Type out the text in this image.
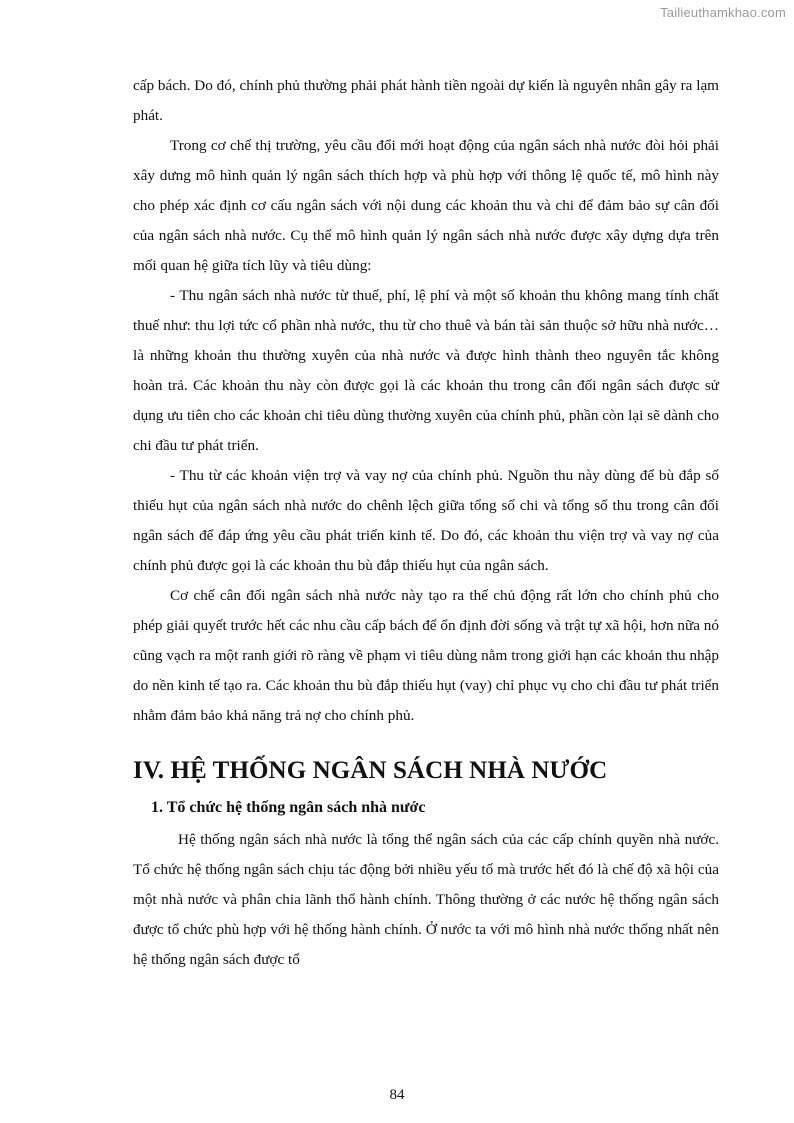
Tailieuthamkhao.com

cấp bách. Do đó, chính phủ thường phải phát hành tiền ngoài dự kiến là nguyên nhân gây ra lạm phát.

Trong cơ chế thị trường, yêu cầu đổi mới hoạt động của ngân sách nhà nước đòi hỏi phải xây dưng mô hình quản lý ngân sách thích hợp và phù hợp với thông lệ quốc tế, mô hình này cho phép xác định cơ cấu ngân sách với nội dung các khoản thu và chi để đảm bảo sự cân đối của ngân sách nhà nước. Cụ thể mô hình quản lý ngân sách nhà nước được xây dựng dựa trên mối quan hệ giữa tích lũy và tiêu dùng:

- Thu ngân sách nhà nước từ thuế, phí, lệ phí và một số khoản thu không mang tính chất thuế như: thu lợi tức cổ phần nhà nước, thu từ cho thuê và bán tài sản thuộc sở hữu nhà nước…là những khoản thu thường xuyên của nhà nước và được hình thành theo nguyên tắc không hoàn trả. Các khoản thu này còn được gọi là các khoản thu trong cân đối ngân sách được sử dụng ưu tiên cho các khoản chi tiêu dùng thường xuyên của chính phủ, phần còn lại sẽ dành cho chi đầu tư phát triển.

- Thu từ các khoản viện trợ và vay nợ của chính phủ. Nguồn thu này dùng để bù đắp số thiếu hụt của ngân sách nhà nước do chênh lệch giữa tổng số chi và tổng số thu trong cân đối ngân sách để đáp ứng yêu cầu phát triển kinh tế. Do đó, các khoản thu viện trợ và vay nợ của chính phủ được gọi là các khoản thu bù đắp thiếu hụt của ngân sách.

Cơ chế cân đối ngân sách nhà nước này tạo ra thế chủ động rất lớn cho chính phủ cho phép giải quyết trước hết các nhu cầu cấp bách để ổn định đời sống và trật tự xã hội, hơn nữa nó cũng vạch ra một ranh giới rõ ràng về phạm vi tiêu dùng nằm trong giới hạn các khoản thu nhập do nền kinh tế tạo ra. Các khoản thu bù đắp thiếu hụt (vay) chỉ phục vụ cho chi đầu tư phát triển nhằm đảm bảo khả năng trả nợ cho chính phủ.

IV. HỆ THỐNG NGÂN SÁCH NHÀ NƯỚC
1. Tổ chức hệ thống ngân sách nhà nước

Hệ thống ngân sách nhà nước là tổng thể ngân sách của các cấp chính quyền nhà nước. Tổ chức hệ thống ngân sách chịu tác động bởi nhiều yếu tố mà trước hết đó là chế độ xã hội của một nhà nước và phân chia lãnh thổ hành chính. Thông thường ở các nước hệ thống ngân sách được tổ chức phù hợp với hệ thống hành chính. Ở nước ta với mô hình nhà nước thống nhất nên hệ thống ngân sách được tổ

84
